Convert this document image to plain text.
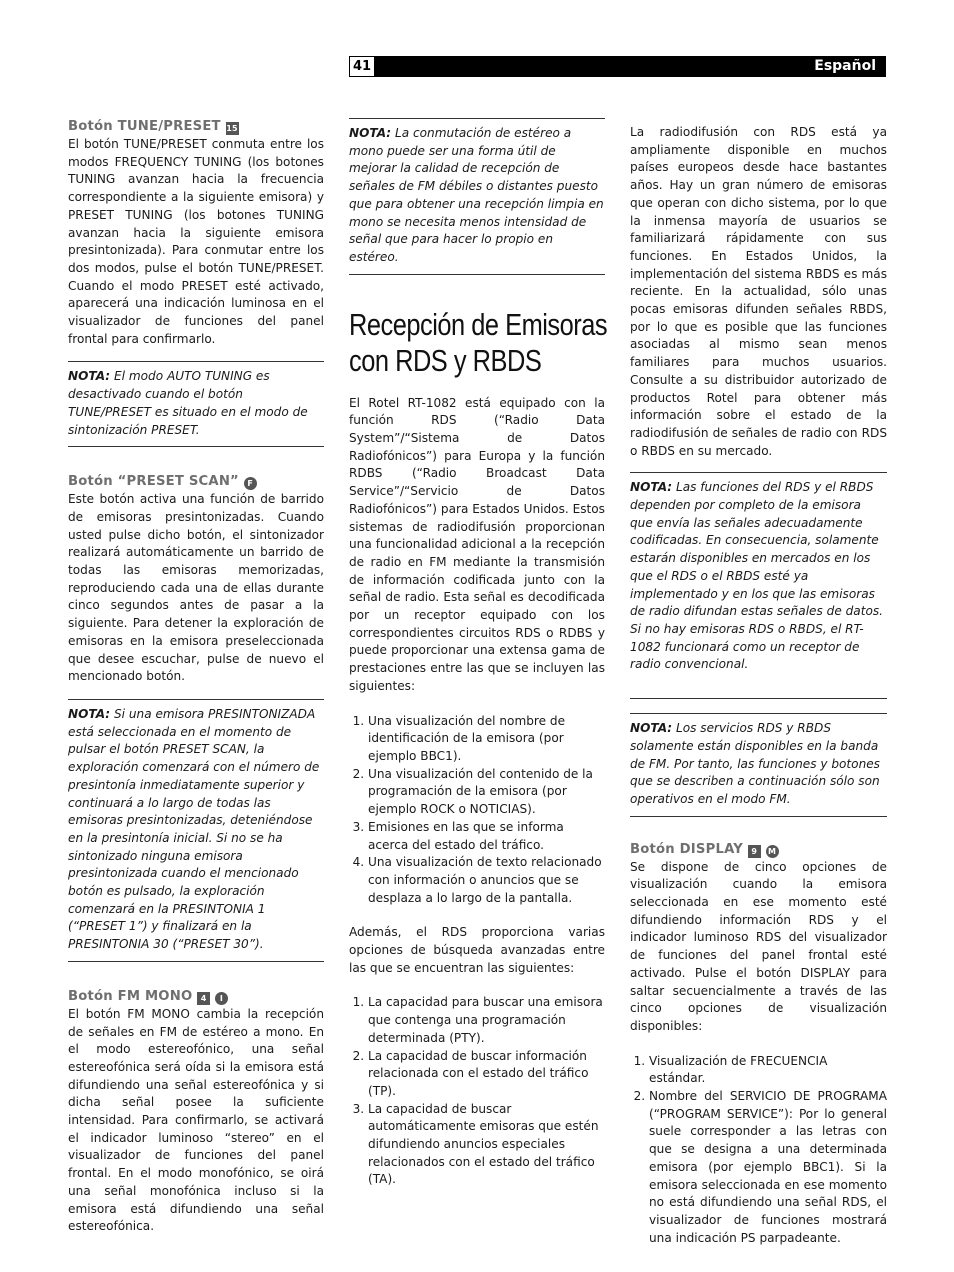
41	Español
Botón TUNE/PRESET 15

El botón TUNE/PRESET conmuta entre los modos FREQUENCY TUNING (los botones TUNING avanzan hacia la frecuencia correspondiente a la siguiente emisora) y PRESET TUNING (los botones TUNING avanzan hacia la siguiente emisora presintonizada). Para conmutar entre los dos modos, pulse el botón TUNE/PRESET. Cuando el modo PRESET esté activado, aparecerá una indicación luminosa en el visualizador de funciones del panel frontal para confirmarlo.

NOTA: El modo AUTO TUNING es desactivado cuando el botón TUNE/PRESET es situado en el modo de sintonización PRESET.

Botón “PRESET SCAN” F

Este botón activa una función de barrido de emisoras presintonizadas. Cuando usted pulse dicho botón, el sintonizador realizará automáticamente un barrido de todas las emisoras memorizadas, reproduciendo cada una de ellas durante cinco segundos antes de pasar a la siguiente. Para detener la exploración de emisoras en la emisora preseleccionada que desee escuchar, pulse de nuevo el mencionado botón.

NOTA: Si una emisora PRESINTONIZADA está seleccionada en el momento de pulsar el botón PRESET SCAN, la exploración comenzará con el número de presintonía inmediatamente superior y continuará a lo largo de todas las emisoras presintonizadas, deteniéndose en la presintonía inicial. Si no se ha sintonizado ninguna emisora presintonizada cuando el mencionado botón es pulsado, la exploración comenzará en la PRESINTONIA 1 (“PRESET 1”) y finalizará en la PRESINTONIA 30 (“PRESET 30”).

Botón FM MONO 4 I

El botón FM MONO cambia la recepción de señales en FM de estéreo a mono. En el modo estereofónico, una señal estereofónica será oída si la emisora está difundiendo una señal estereofónica y si dicha señal posee la suficiente intensidad. Para confirmarlo, se activará el indicador luminoso “stereo” en el visualizador de funciones del panel frontal. En el modo monofónico, se oirá una señal monofónica incluso si la emisora está difundiendo una señal estereofónica.

NOTA: La conmutación de estéreo a mono puede ser una forma útil de mejorar la calidad de recepción de señales de FM débiles o distantes puesto que para obtener una recepción limpia en mono se necesita menos intensidad de señal que para hacer lo propio en estéreo.

Recepción de Emisoras
con RDS y RBDS

El Rotel RT-1082 está equipado con la función RDS (“Radio Data System”/“Sistema de Datos Radiofónicos”) para Europa y la función RDBS (“Radio Broadcast Data Service”/“Servicio de Datos Radiofónicos”) para Estados Unidos. Estos sistemas de radiodifusión proporcionan una funcionalidad adicional a la recepción de radio en FM mediante la transmisión de información codificada junto con la señal de radio. Esta señal es decodificada por un receptor equipado con los correspondientes circuitos RDS o RDBS y puede proporcionar una extensa gama de prestaciones entre las que se incluyen las siguientes:

1. Una visualización del nombre de identificación de la emisora (por ejemplo BBC1).
2. Una visualización del contenido de la programación de la emisora (por ejemplo ROCK o NOTICIAS).
3. Emisiones en las que se informa acerca del estado del tráfico.
4. Una visualización de texto relacionado con información o anuncios que se desplaza a lo largo de la pantalla.

Además, el RDS proporciona varias opciones de búsqueda avanzadas entre las que se encuentran las siguientes:

1. La capacidad para buscar una emisora que contenga una programación determinada (PTY).
2. La capacidad de buscar información relacionada con el estado del tráfico (TP).
3. La capacidad de buscar automáticamente emisoras que estén difundiendo anuncios especiales relacionados con el estado del tráfico (TA).

La radiodifusión con RDS está ya ampliamente disponible en muchos países europeos desde hace bastantes años. Hay un gran número de emisoras que operan con dicho sistema, por lo que la inmensa mayoría de usuarios se familiarizará rápidamente con sus funciones. En Estados Unidos, la implementación del sistema RBDS es más reciente. En la actualidad, sólo unas pocas emisoras difunden señales RBDS, por lo que es posible que las funciones asociadas al mismo sean menos familiares para muchos usuarios. Consulte a su distribuidor autorizado de productos Rotel para obtener más información sobre el estado de la radiodifusión de señales de radio con RDS o RBDS en su mercado.

NOTA: Las funciones del RDS y el RBDS dependen por completo de la emisora que envía las señales adecuadamente codificadas. En consecuencia, solamente estarán disponibles en mercados en los que el RDS o el RBDS esté ya implementado y en los que las emisoras de radio difundan estas señales de datos. Si no hay emisoras RDS o RBDS, el RT-1082 funcionará como un receptor de radio convencional.

NOTA: Los servicios RDS y RBDS solamente están disponibles en la banda de FM. Por tanto, las funciones y botones que se describen a continuación sólo son operativos en el modo FM.

Botón DISPLAY 9 M

Se dispone de cinco opciones de visualización cuando la emisora seleccionada en ese momento esté difundiendo información RDS y el indicador luminoso RDS del visualizador de funciones del panel frontal esté activado. Pulse el botón DISPLAY para saltar secuencialmente a través de las cinco opciones de visualización disponibles:

1. Visualización de FRECUENCIA estándar.
2. Nombre del SERVICIO DE PROGRAMA (“PROGRAM SERVICE”): Por lo general suele corresponder a las letras con que se designa a una determinada emisora (por ejemplo BBC1). Si la emisora seleccionada en ese momento no está difundiendo una señal RDS, el visualizador de funciones mostrará una indicación PS parpadeante.
